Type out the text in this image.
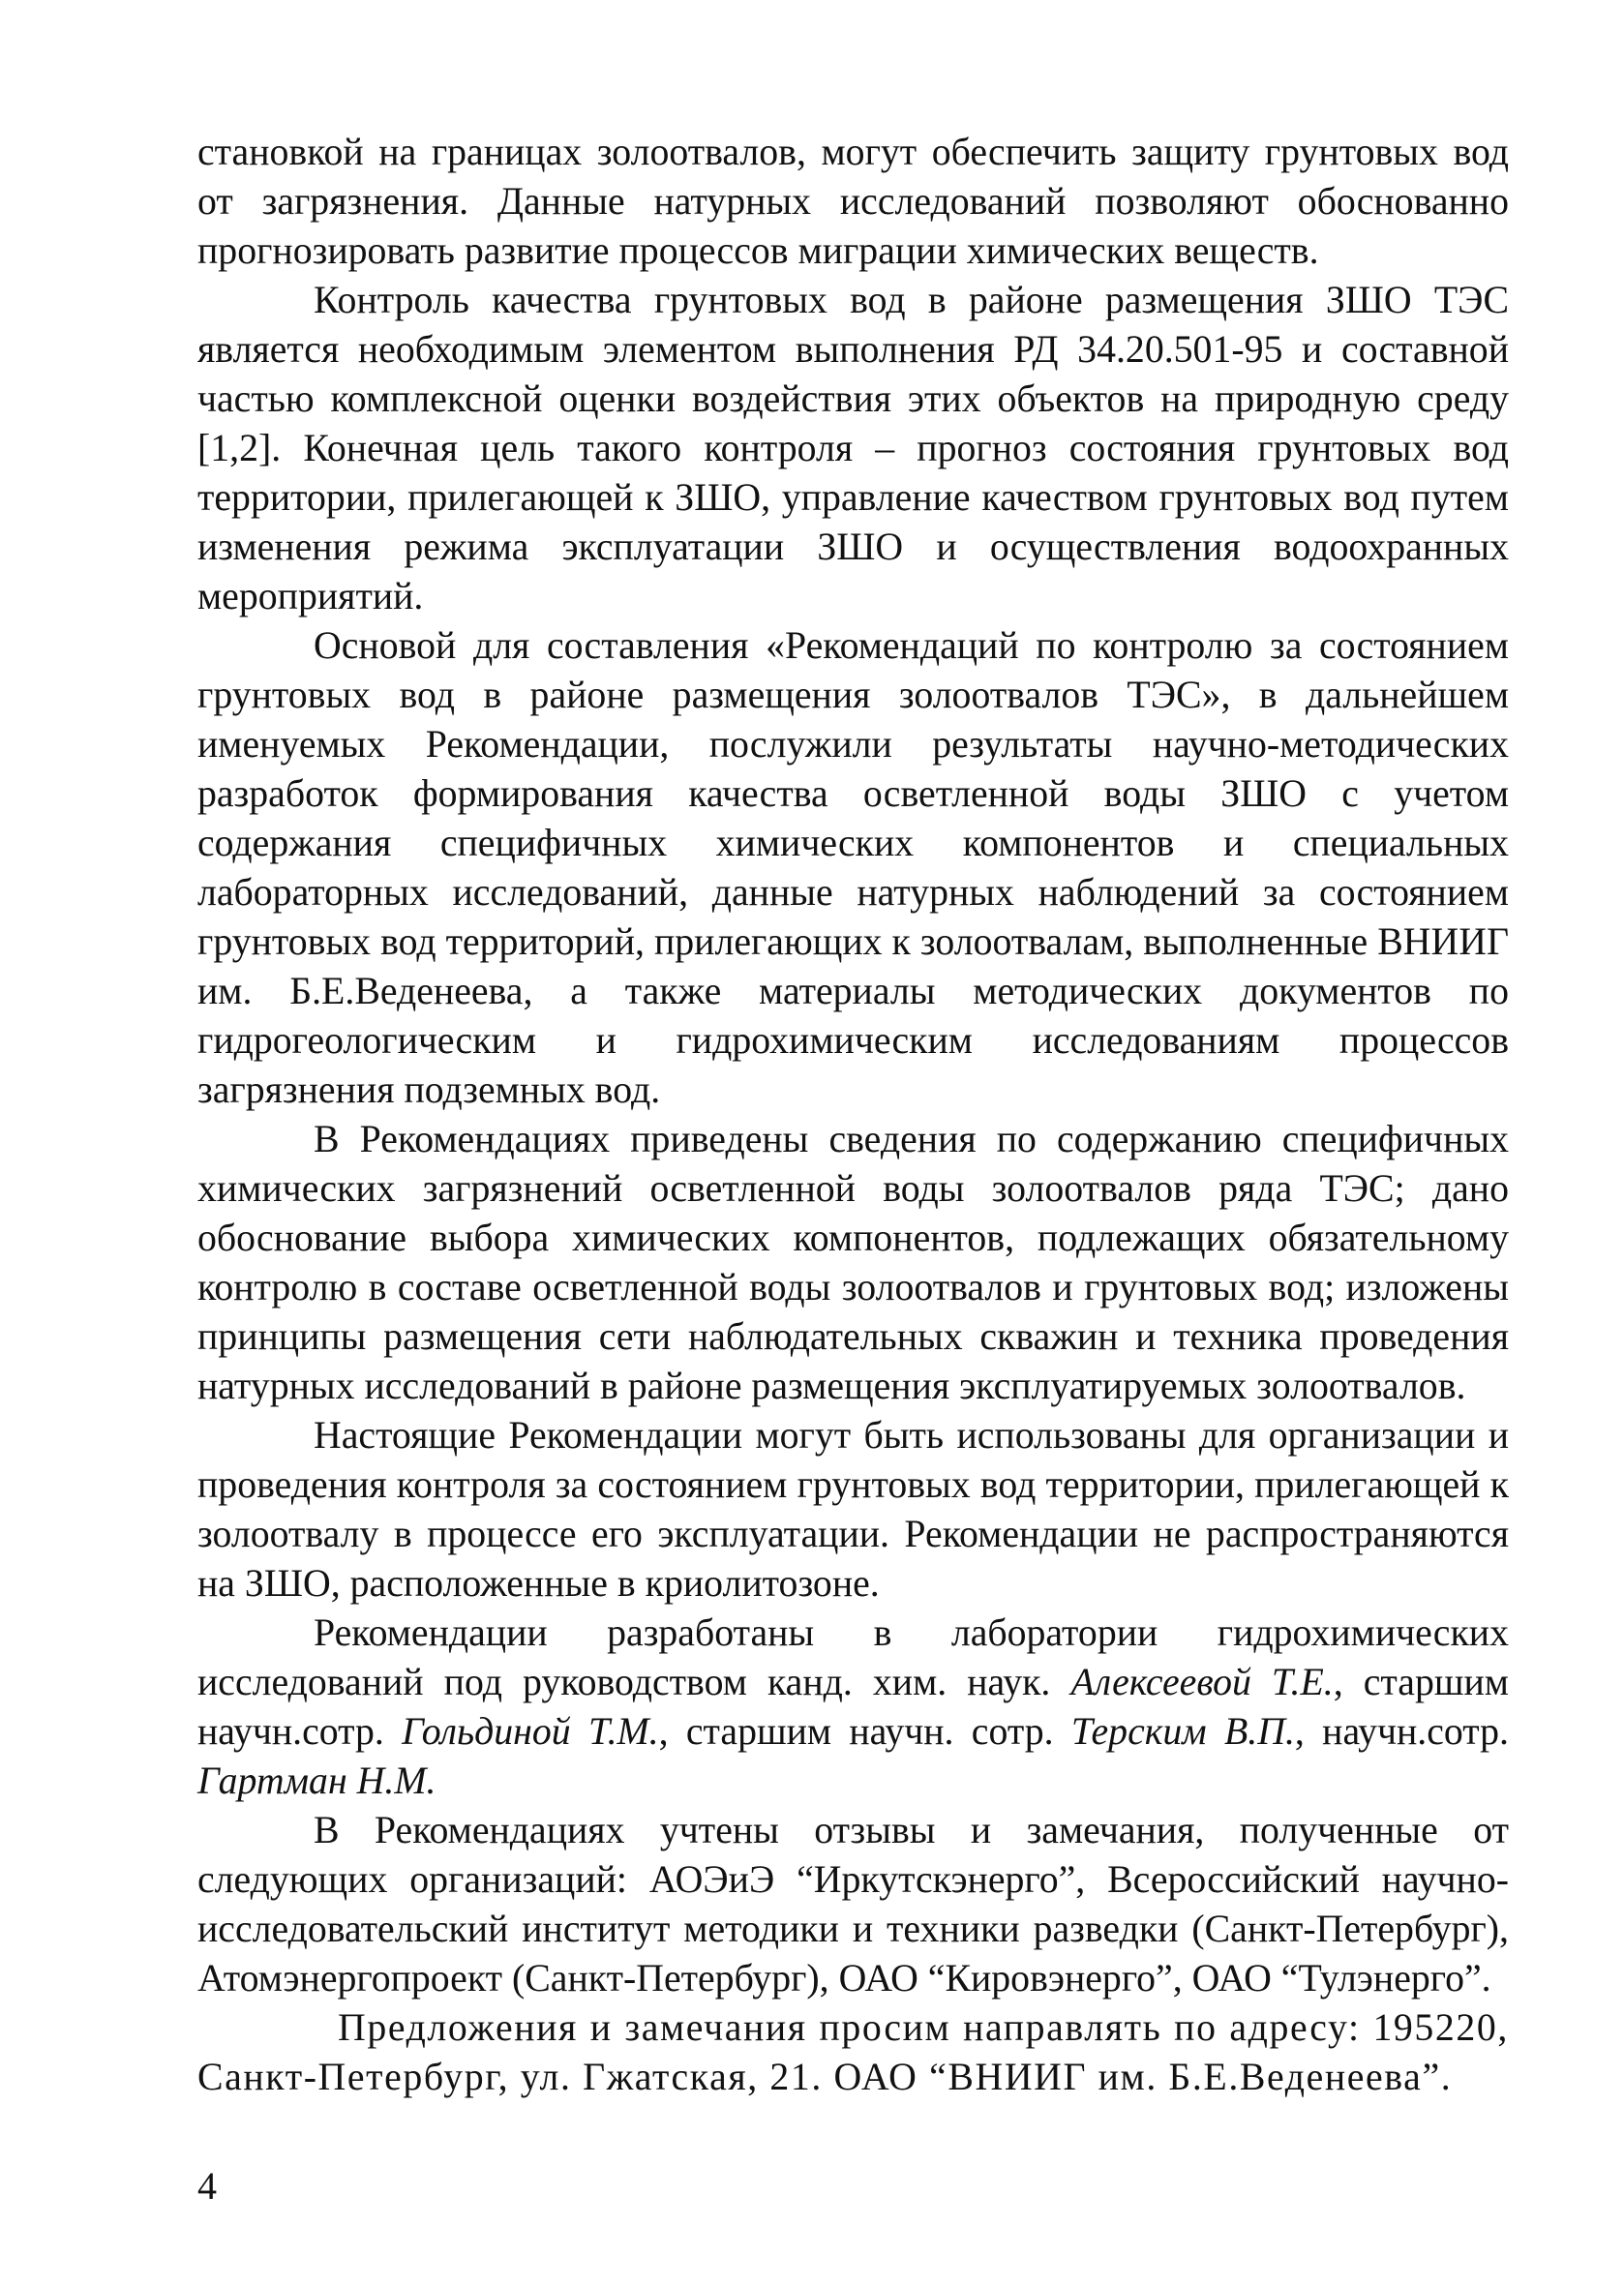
становкой на границах золоотвалов, могут обеспечить защиту грунтовых вод от загрязнения. Данные натурных исследований позволяют обоснованно прогнозировать развитие процессов миграции химических веществ.

Контроль качества грунтовых вод в районе размещения ЗШО ТЭС является необходимым элементом выполнения РД 34.20.501-95 и составной частью комплексной оценки воздействия этих объектов на природную среду [1,2]. Конечная цель такого контроля – прогноз состояния грунтовых вод территории, прилегающей к ЗШО, управление качеством грунтовых вод путем изменения режима эксплуатации ЗШО и осуществления водоохранных мероприятий.

Основой для составления «Рекомендаций по контролю за состоянием грунтовых вод в районе размещения золоотвалов ТЭС», в дальнейшем именуемых Рекомендации, послужили результаты научно-методических разработок формирования качества осветленной воды ЗШО с учетом содержания специфичных химических компонентов и специальных лабораторных исследований, данные натурных наблюдений за состоянием грунтовых вод территорий, прилегающих к золоотвалам, выполненные ВНИИГ им. Б.Е.Веденеева, а также материалы методических документов по гидрогеологическим и гидрохимическим исследованиям процессов загрязнения подземных вод.

В Рекомендациях приведены сведения по содержанию специфичных химических загрязнений осветленной воды золоотвалов ряда ТЭС; дано обоснование выбора химических компонентов, подлежащих обязательному контролю в составе осветленной воды золоотвалов и грунтовых вод; изложены принципы размещения сети наблюдательных скважин и техника проведения натурных исследований в районе размещения эксплуатируемых золоотвалов.

Настоящие Рекомендации могут быть использованы для организации и проведения контроля за состоянием грунтовых вод территории, прилегающей к золоотвалу в процессе его эксплуатации. Рекомендации не распространяются на ЗШО, расположенные в криолитозоне.

Рекомендации разработаны в лаборатории гидрохимических исследований под руководством канд. хим. наук. Алексеевой Т.Е., старшим научн.сотр. Гольдиной Т.М., старшим научн. сотр. Терским В.П., научн.сотр. Гартман Н.М.

В Рекомендациях учтены отзывы и замечания, полученные от следующих организаций: АОЭиЭ “Иркутскэнерго”, Всероссийский научно-исследовательский институт методики и техники разведки (Санкт-Петербург), Атомэнергопроект (Санкт-Петербург), ОАО “Кировэнерго”, ОАО “Тулэнерго”.

Предложения и замечания просим направлять по адресу: 195220, Санкт-Петербург, ул. Гжатская, 21. ОАО “ВНИИГ им. Б.Е.Веденеева”.

4
